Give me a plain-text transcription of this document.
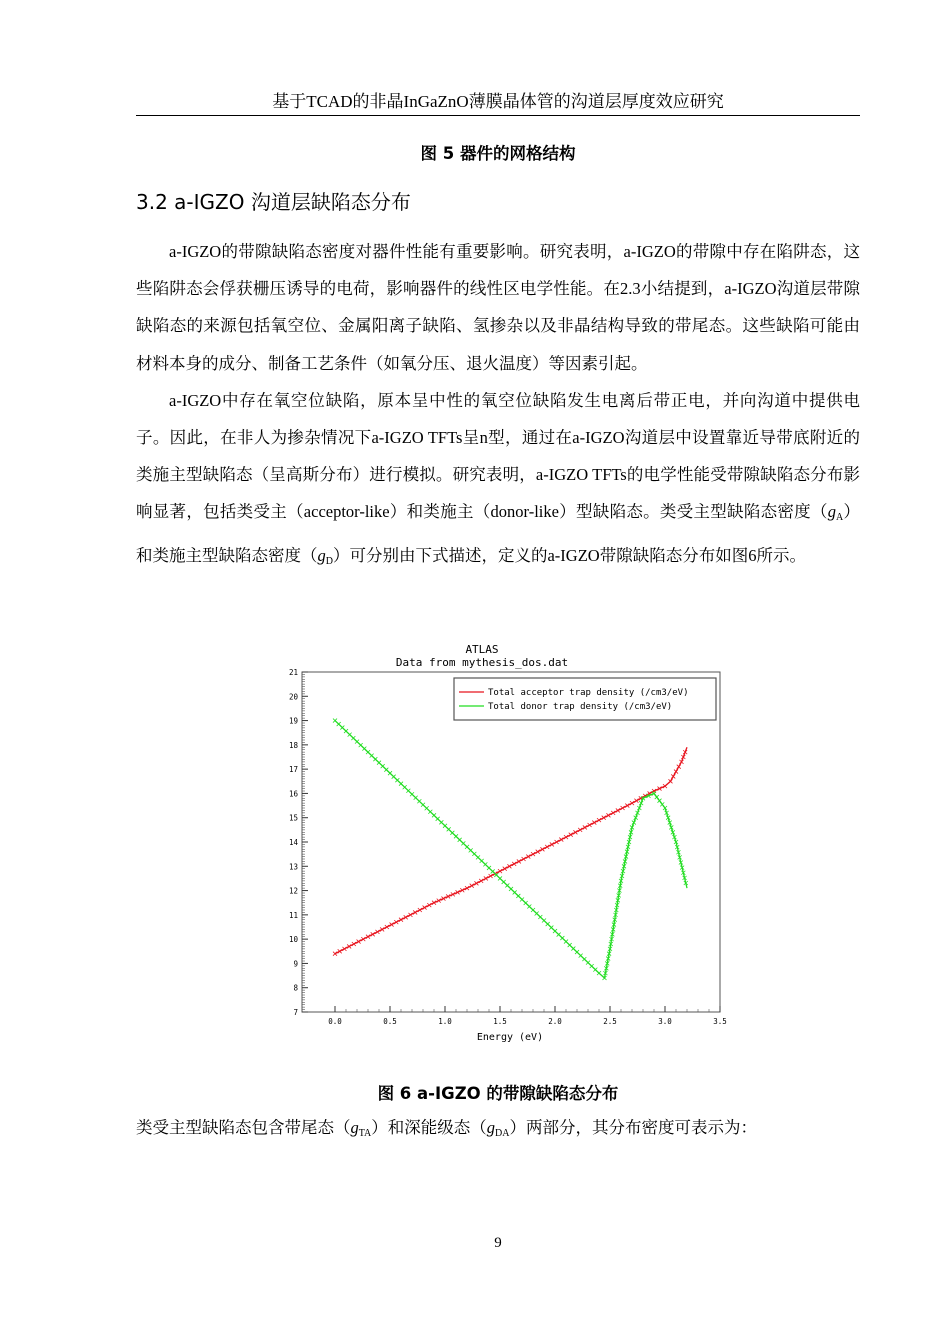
基于TCAD的非晶InGaZnO薄膜晶体管的沟道层厚度效应研究
图 5 器件的网格结构
3.2 a-IGZO 沟道层缺陷态分布

a-IGZO的带隙缺陷态密度对器件性能有重要影响。研究表明，a-IGZO的带隙中存在陷阱态，这些陷阱态会俘获栅压诱导的电荷，影响器件的线性区电学性能。在2.3小结提到，a-IGZO沟道层带隙缺陷态的来源包括氧空位、金属阳离子缺陷、氢掺杂以及非晶结构导致的带尾态。这些缺陷可能由材料本身的成分、制备工艺条件（如氧分压、退火温度）等因素引起。

a-IGZO中存在氧空位缺陷，原本呈中性的氧空位缺陷发生电离后带正电，并向沟道中提供电子。因此，在非人为掺杂情况下a-IGZO TFTs呈n型，通过在a-IGZO沟道层中设置靠近导带底附近的类施主型缺陷态（呈高斯分布）进行模拟。研究表明，a-IGZO TFTs的电学性能受带隙缺陷态分布影响显著，包括类受主（acceptor-like）和类施主（donor-like）型缺陷态。类受主型缺陷态密度$(g_A)$和类施主型缺陷态密度$(g_D)$可分别由下式描述，定义的a-IGZO带隙缺陷态分布如图6所示。

ATLAS
Data from mythesis_dos.dat
7
8
9
10
11
12
13
14
15
16
17
18
19
20
21
0.0	0.5	1.0	1.5	2.0	2.5	3.0	3.5
Total acceptor trap density (/cm3/eV)
Total donor trap density (/cm3/eV)
Energy (eV)
图 6 a-IGZO 的带隙缺陷态分布
类受主型缺陷态包含带尾态$(g_{TA})$和深能级态$(g_{DA})$两部分，其分布密度可表示为：
9
